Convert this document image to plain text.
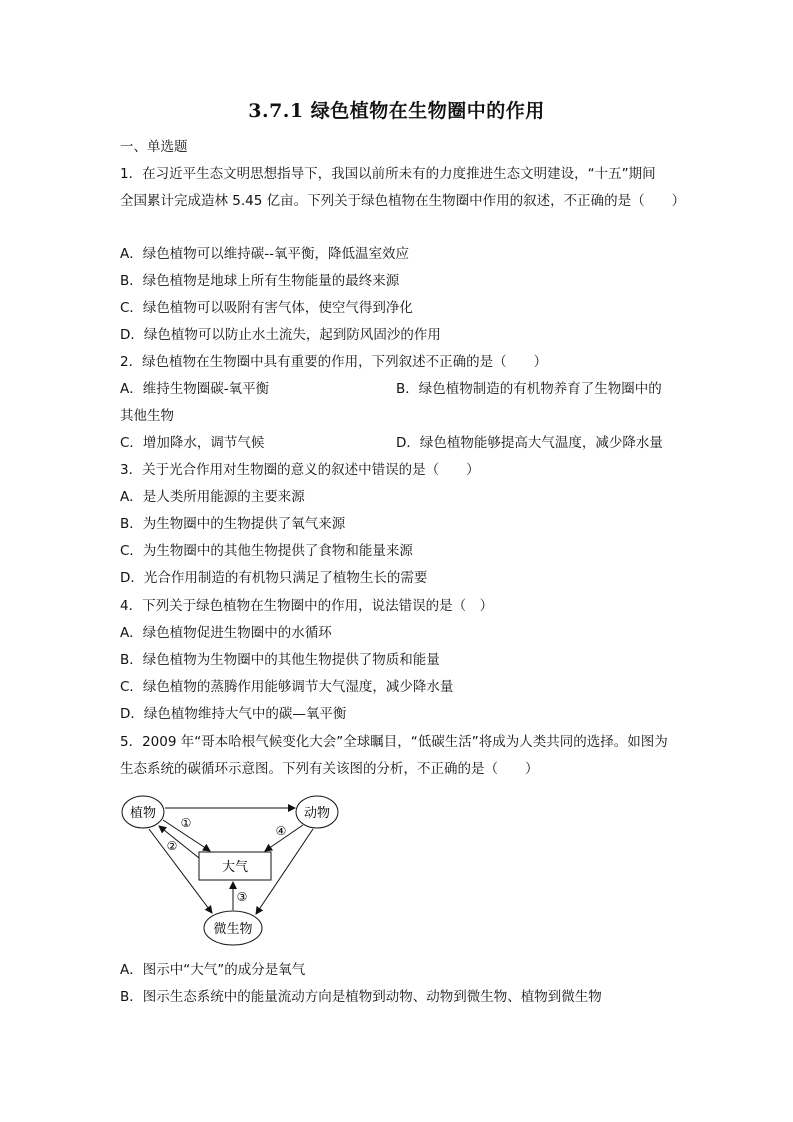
3.7.1 绿色植物在生物圈中的作用
一、单选题
1．在习近平生态文明思想指导下，我国以前所未有的力度推进生态文明建设，“十五”期间
全国累计完成造林 5.45 亿亩。下列关于绿色植物在生物圈中作用的叙述，不正确的是（　　）
A．绿色植物可以维持碳--氧平衡，降低温室效应
B．绿色植物是地球上所有生物能量的最终来源
C．绿色植物可以吸附有害气体，使空气得到净化
D．绿色植物可以防止水土流失，起到防风固沙的作用
2．绿色植物在生物圈中具有重要的作用，下列叙述不正确的是（　　）
A．维持生物圈碳-氧平衡	B．绿色植物制造的有机物养育了生物圈中的
其他生物
C．增加降水，调节气候	D．绿色植物能够提高大气温度，减少降水量
3．关于光合作用对生物圈的意义的叙述中错误的是（　　）
A．是人类所用能源的主要来源
B．为生物圈中的生物提供了氧气来源
C．为生物圈中的其他生物提供了食物和能量来源
D．光合作用制造的有机物只满足了植物生长的需要
4．下列关于绿色植物在生物圈中的作用，说法错误的是（　）
A．绿色植物促进生物圈中的水循环
B．绿色植物为生物圈中的其他生物提供了物质和能量
C．绿色植物的蒸腾作用能够调节大气湿度，减少降水量
D．绿色植物维持大气中的碳—氧平衡
5．2009 年“哥本哈根气候变化大会”全球瞩目，“低碳生活”将成为人类共同的选择。如图为
生态系统的碳循环示意图。下列有关该图的分析，不正确的是（　　）
植物	动物
大气
微生物
①
②
③
④
A．图示中“大气”的成分是氧气
B．图示生态系统中的能量流动方向是植物到动物、动物到微生物、植物到微生物
